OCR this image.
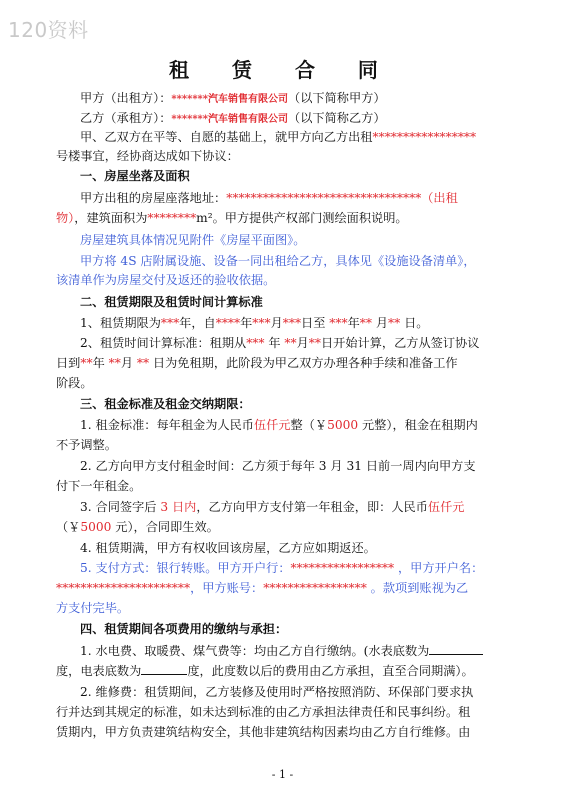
120资料
租 赁 合 同
甲方（出租方）：*******汽车销售有限公司（以下简称甲方）
乙方（承租方）：*******汽车销售有限公司（以下简称乙方）
甲、乙双方在平等、自愿的基础上，就甲方向乙方出租*****************
号楼事宜，经协商达成如下协议：
一、房屋坐落及面积
甲方出租的房屋座落地址：********************************（出租
物），建筑面积为********m²。甲方提供产权部门测绘面积说明。
房屋建筑具体情况见附件《房屋平面图》。
甲方将 4S 店附属设施、设备一同出租给乙方，具体见《设施设备清单》，
该清单作为房屋交付及返还的验收依据。
二、租赁期限及租赁时间计算标准
1、租赁期限为***年，自****年***月***日至 ***年** 月** 日。
2、租赁时间计算标准：租期从*** 年 **月**日开始计算，乙方从签订协议
日到**年 **月 ** 日为免租期，此阶段为甲乙双方办理各种手续和准备工作
阶段。
三、租金标准及租金交纳期限：
1. 租金标准：每年租金为人民币伍仟元整（￥5000 元整），租金在租期内
不予调整。
2. 乙方向甲方支付租金时间：乙方须于每年 3 月 31 日前一周内向甲方支
付下一年租金。
3. 合同签字后 3 日内，乙方向甲方支付第一年租金，即：人民币伍仟元
（￥5000 元），合同即生效。
4. 租赁期满，甲方有权收回该房屋，乙方应如期返还。
5. 支付方式：银行转账。甲方开户行：***************** ，甲方开户名：
**********************，甲方账号：***************** 。款项到账视为乙
方支付完毕。
四、租赁期间各项费用的缴纳与承担：
1. 水电费、取暖费、煤气费等：均由乙方自行缴纳。(水表底数为
度，电表底数为	度，此度数以后的费用由乙方承担，直至合同期满）。
2. 维修费：租赁期间，乙方装修及使用时严格按照消防、环保部门要求执
行并达到其规定的标准，如未达到标准的由乙方承担法律责任和民事纠纷。租
赁期内，甲方负责建筑结构安全，其他非建筑结构因素均由乙方自行维修。由
- 1 -
